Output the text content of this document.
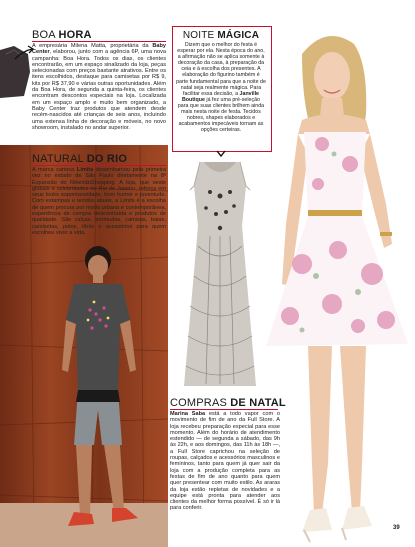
BOA HORA
A empresária Milena Matta, proprietária da Baby Center, elaborou, junto com a agência 6P, uma nova campanha: Boa Hora. Todos os dias, os clientes encontrarão, em um espaço sinalizado da loja, peças selecionadas com preços bastante atrativos. Entre os itens escolhidos, destaque para camisetas por R$ 9, kits por R$ 37,90 e várias outras oportunidades. Além da Boa Hora, de segunda a quinta-feira, os clientes encontram descontos especiais na loja. Localizada em um espaço amplo e muito bem organizado, a Baby Center traz produtos que atendem desde recém-nascidos até crianças de seis anos, incluindo uma extensa linha de decoração e móveis, no novo showroom, instalado no andar superior.
NATURAL DO RIO
A marca carioca Limits desembarcou pela primeira vez no estado de São Paulo diretamente na 8ª Expansão do RibeirãoShopping. A loja, que veste globais e celebridades no Rio de Janeiro, reforça em seus looks espontaneidade, bom humor e juventude. Com estampas e tecidos atuais, a Limits é a escolha de quem procura por moda urbana e contemporânea, experiência de compra descontraída e produtos de qualidade. São calças, bermudas, camisas, batas, camisetas, polos, tênis e acessórios para quem escolheu viver a vida.
NOITE MÁGICA
Dizem que o melhor do festa é esperar por ela. Nesta época do ano, a afirmação não se aplica somente à decoração da casa, à preparação da ceia e à escolha dos presentes. A elaboração do figurino também é parte fundamental para que a noite de natal seja realmente mágica. Para facilitar essa decisão, a Janville Boutique já fez uma pré-seleção para que suas clientes brilhem ainda mais nesta noite de festa. Tecidos nobres, shapes elaborados e acabamentos impecáveis tornam as opções certeiras.
COMPRAS DE NATAL
Marina Saba está a todo vapor com o movimento de fim de ano da Full Store. A loja recebeu preparação especial para esse momento. Além do horário de atendimento estendido — de segunda a sábado, das 9h às 22h, e aos domingos, das 11h às 18h —, a Full Store caprichou na seleção de roupas, calçados e acessórios masculinos e femininos, tanto para quem já quer sair da loja com a produção completa para as festas de fim de ano quanto para quem quer presentear com muito estilo. As araras da loja estão repletas de novidades e a equipe está pronta para atender aos clientes da melhor forma possível. É só ir lá para conferir.
39
